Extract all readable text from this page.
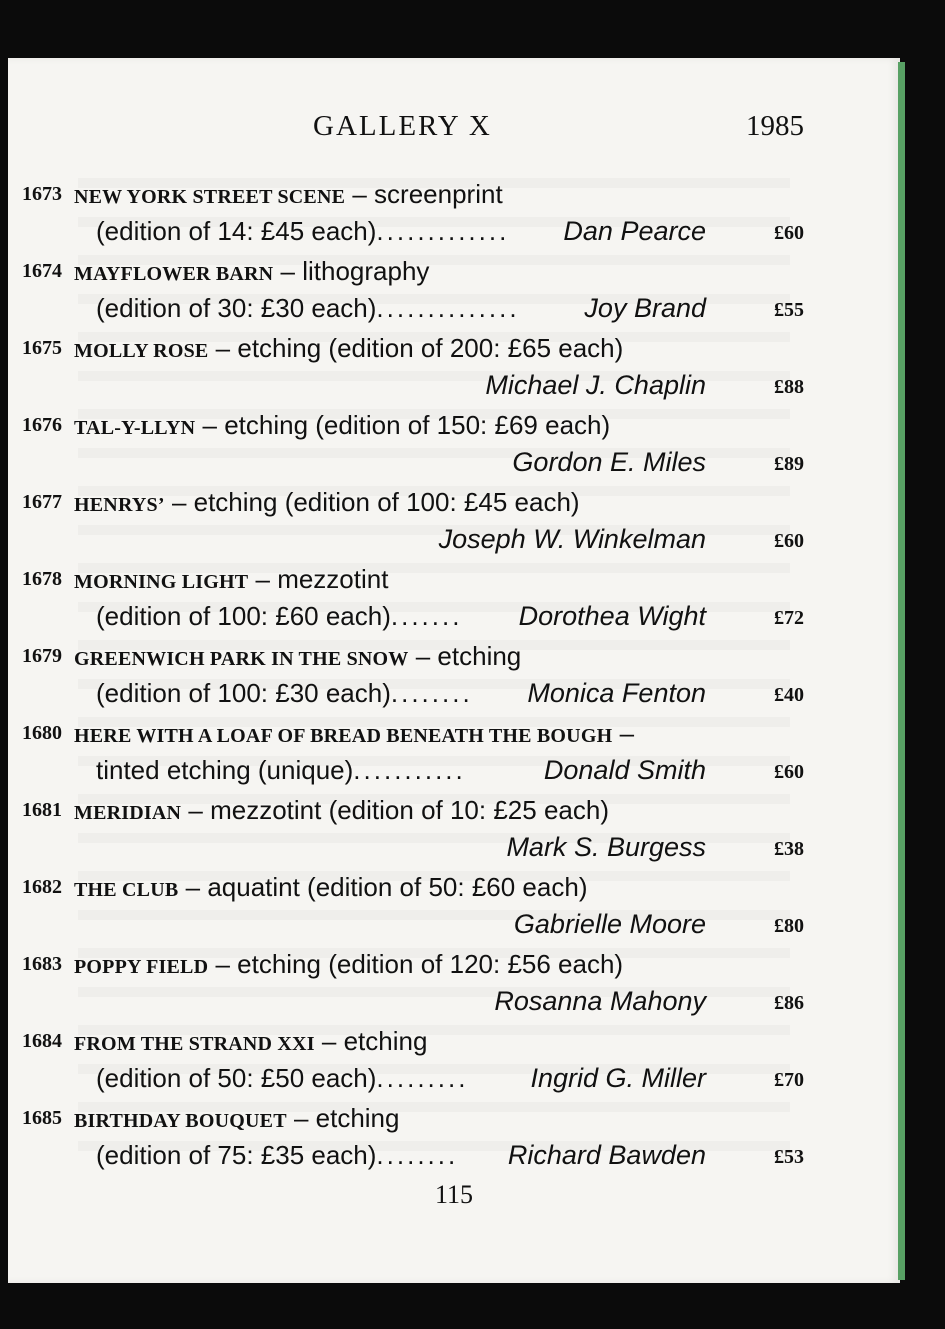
GALLERY X	1985
1673 NEW YORK STREET SCENE – screenprint
(edition of 14: £45 each)............. Dan Pearce	£60
1674 MAYFLOWER BARN – lithography
(edition of 30: £30 each).............. Joy Brand	£55
1675 MOLLY ROSE – etching (edition of 200: £65 each)
Michael J. Chaplin	£88
1676 TAL-Y-LLYN – etching (edition of 150: £69 each)
Gordon E. Miles	£89
1677 HENRYS’ – etching (edition of 100: £45 each)
Joseph W. Winkelman	£60
1678 MORNING LIGHT – mezzotint
(edition of 100: £60 each)....... Dorothea Wight	£72
1679 GREENWICH PARK IN THE SNOW – etching
(edition of 100: £30 each)........ Monica Fenton	£40
1680 HERE WITH A LOAF OF BREAD BENEATH THE BOUGH –
tinted etching (unique)...........	Donald Smith	£60
1681 MERIDIAN – mezzotint (edition of 10: £25 each)
Mark S. Burgess	£38
1682 THE CLUB – aquatint (edition of 50: £60 each)
Gabrielle Moore	£80
1683 POPPY FIELD – etching (edition of 120: £56 each)
Rosanna Mahony	£86
1684 FROM THE STRAND XXI – etching
(edition of 50: £50 each)......... Ingrid G. Miller	£70
1685 BIRTHDAY BOUQUET – etching
(edition of 75: £35 each)........ Richard Bawden	£53
115
